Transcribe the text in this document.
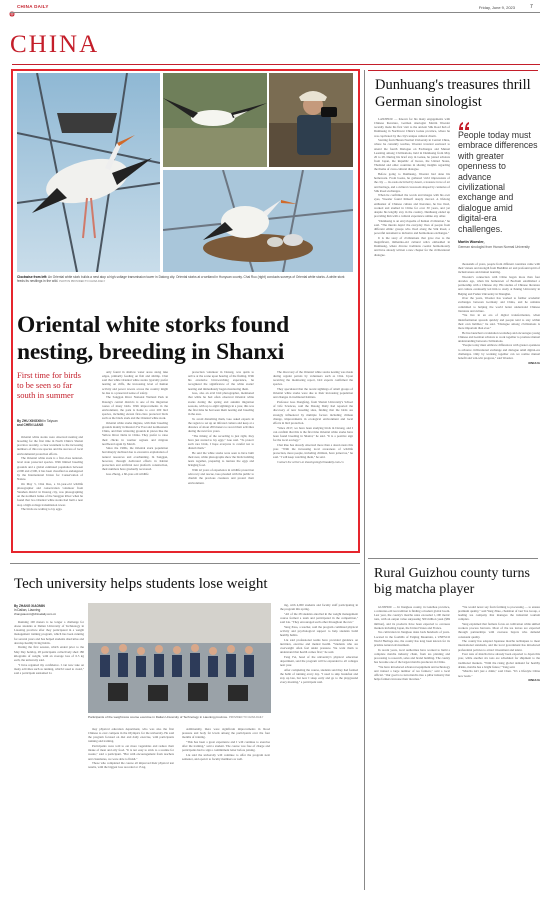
7
CHINA DAILY	Friday, June 9, 2023
CHINA
Clockwise from left: An Oriental white stork builds a nest atop a high-voltage transmission tower in Datong city. Oriental storks at a wetland in Hunyuan county. Chai Ruo (right) conducts surveys of Oriental white storks. A white stork feeds its nestlings in the wild. PHOTOS PROVIDED TO CHINA DAILY
Oriental white storks found nesting, breeding in Shanxi
First time for birds to be seen so far south in summer
By ZHU XINGXIN in Taiyuan
and CHEN LIANG

Oriental white storks were observed nesting and breeding for the first time in North China's Shanxi province recently, a clear testament to the increasing numbers of this rare species and the success of local environmental protection efforts.

The Oriental white stork is a first-class national-level state protected species. With limited breeding grounds and a global estimated population between 2,000 and 2,500, it has been classified as endangered by the International Union for Conservation of Nature.

On May 5, Chai Ruo, a 61-year-old wildlife photographer and conservation volunteer from Yanshen district in Datong city, was photographing on the northern banks of the Sanggan River when he found that two Oriental white storks had built a nest atop a high-voltage transmission tower.

The birds are waiting to lay eggs.

only found in shallow water areas along lake edges, primarily feeding on fish and shrimp. Chai said that while Oriental white storks typically prefer nesting on cliffs, the increasing level of human activity and power towers across the country might be due to a preserved sense of safety.

The Sanggan River National Wetland Park in Datong's central districts is one of the migration routes of many birds. With improvements in the environment, the park is home to over 200 bird species, including eleven first-class protected birds such as the black stork and the Oriental white stork.

Oriental white storks migrate, with their breeding grounds mainly in Russia's Far East and northeastern China, and their wintering grounds in places like the Yellow River Delta in China. They prefer to raise their chicks in warmer regions and migrate northward again by March.

Since the 1990s, the Oriental stork population had sharply declined due to excessive exploitation of natural resources and overhunting. In Sanggan, however, through dedicated efforts in habitat protection and artificial nest platform construction, their numbers have gradually recovered.

Guo Zhong, a 60-year-old wildlife

protection volunteer in Datong, was quick to arrive at the scene upon hearing of the finding. With his extensive bird-watching experience, he recognized the significance of the white storks' nesting and immediately began monitoring them.

Guo, also an avid bird photographer, mentioned that while he had often observed Oriental white storks during the spring and autumn migration seasons, with up to eight sightings in a year, this was the first time he had seen them nesting and breeding in the area.

To avoid disturbing them, Guo asked experts in the region to set up an infrared camera and keep at a distance of about 200 meters to record their activities during the next few years.

"The timing of the recording is just right, they have just started to lay eggs," Guo said. "To protect such rare birds, I hope everyone is careful not to disturb them."

He said the white storks were seen to have built their nest, while photographs show the birds building nests together, preparing to nurture the eggs and bringing food.

With 42 years of experience in wildlife protection advocacy and rescue, Guo pleaded with the public to cherish the precious creatures and protect their environment.

The discovery of the Oriental white storks nesting was made during regular patrols by volunteers such as Chai. Upon receiving the monitoring report, bird experts confirmed the species.

They speculated that the recent sightings of small groups of Oriental white storks were due to their increasing population and changes in traditional habitats.

Professor Guo Dongfeng, from Shanxi University's School of Life Sciences, said the Datong Daily had reported the discovery of new breeding sites, finding that the birds are strongly influenced by multiple factors including climate change, improvements in ecological environment and local efforts in bird protection.

"Since 2017, we have been studying birds in Datong, and I can confirm that this is the first time Oriental white storks have been found breeding in Shanxi," he said. "It is a positive sign for the local ecology."

Chai Ruo has already observed more than a dozen nests this year. "With the increasing local awareness of wildlife protection, more people, including children, have joined us," he said. "I will keep watching them," he said.

Contact the writers at zhuxingxin@chinadaily.com.cn

Tech university helps students lose weight
By ZHANG XIAOMIN
in Dalian, Liaoning
zhangxiaomin@chinadaily.com.cn

Running 100 meters is no longer a challenge for obese students at Dalian University of Technology in Liaoning province after they participated in a weight management training program, which has been running for several years and has helped students shed kilos and develop healthy living habits.

During the first session, which ended prior to the May Day holiday, 28 participants collectively shed 180 kilograms of weight, with an average loss of 6.5 kg each, the university said.

"I have regained my confidence. I can now take on many activities such as running, which I used to avoid," said a participant surnamed Li.

Participants of the weight-loss course exercise in Dalian University of Technology in Liaoning province. PROVIDED TO CHINA DAILY

may physical education department, who was also the first Chinese to ever compete in the Olympics for the university. He said the program focused on diet and daily exercise, with participants running and training.

Participants were told to eat more vegetables and reduce their intake of meat and oily food. "It is not easy to stick to a routine for weeks," said a participant. "But with encouragement from teachers and classmates, we were able to finish."

Those who completed the course all improved their physical test results, with the biggest loss recorded at 15 kg.

Additionally, there were significant improvements in blood pressure and body fat levels among the participants over the four months of training.

"This has been a great experience and I will continue to exercise after the training," said a student. The course was free of charge and participants had to sign a commitment letter before joining.

Liu said the university will continue to offer the program next semester, and open it to faculty members as well.

ing, with 4,000 students and faculty staff participating in the program this spring.

"All of the 28 students enrolled in the weight management course formed a team and participated in the competition," said Liu. "They encouraged each other throughout the run."

Yang Xiao, a teacher, said the program combined physical activity and psychological support to help students build healthy habits.

Liu said professional teams have provided guidance on nutrition, exercise and mental health. "Students who are overweight often feel under pressure. We want them to understand that health comes first," he said.

Feng Fei, head of the university's physical education department, said the program will be expanded to all colleges next year.

After completing the course, students said they had formed the habit of running every day. "I used to skip breakfast and stay up late, but now I sleep early and go to the playground every morning," a participant said.

Dunhuang's treasures thrill German sinologist

LANZHOU — Known for his many engagements with Chinese literature, German sinologist Martin Woesler recently made his first visit to the ancient Silk Road hub of Dunhuang in Northwest China's Gansu province, where he was captivated by the city's unique cultural charm.

Starting from Hunan Normal University in Central China, where he currently teaches, Woesler traveled eastward to attend the fourth Dialogue on Exchanges and Mutual Learning among Civilizations, held in Dunhuang from May 26 to 28. During his brief stay in Gansu, he joined scholars from Japan, the Republic of Korea, the United States, Thailand and other countries in sharing insights regarding the theme of cross-cultural dialogue.

Before going to Dunhuang, Woesler had done his homework. From books, he gathered vivid impressions of the city — its oasis encircled by desert, a treasure trove of art and heritage, and a cultural crossroads shaped by centuries of Silk Road exchanges.

When he confirmed the words and images with his own eyes, Woesler found himself deeply moved. A lifelong enthusiast of Chinese culture and literature, he has lived, worked and studied in China for over 30 years, and yet despite his lengthy stay in the country, Dunhuang ended up providing him with a cultural experience unlike any other.

"Dunhuang is an encyclopedia of human civilization," he said. "The murals depict the everyday lives of people from different ethnic groups who lived along the Silk Road, a powerful testament to inclusive and harmonious exchanges."

It is the story of civilizations that gave rise to the magnificent, millennia-old cultural relics embedded in Dunhuang, where diverse traditions coexist harmoniously and have already written a new chapter for the civilizational dialogue.

People today must embrace differences with greater openness to advance civilizational exchange and dialogue amid digital-era challenges.
Martin Woesler,
German sinologist from Hunan Normal University

thousands of years, people from different countries came with their visions and strength from Buddhist art and profound spirit of inclusiveness and mutual learning.

Woesler's connection with China began more than four decades ago, when his hometown of Bochum established a partnership with a Chinese city. His studies of Chinese literature and culture eventually led him to study at Peking University in Beijing and Fudan University in Shanghai.

Over the years, Woesler has worked to further academic exchanges between Germany and China, and he remains committed to helping the world better understand Chinese literature and culture.

"We live in an era of digital transformation, when misinformation spreads quickly and people tend to stay within their own bubbles," he said. "Dialogue among civilizations is more important than ever."

He has launched a translation workshop and encourages young Chinese and German scholars to work together to promote mutual understanding between civilizations.

"People today must embrace differences with greater openness to advance civilizational exchange and dialogue amid digital-era challenges. Only by working together can we realize mutual benefit and win-win progress," said Woesler.

XINHUA

Rural Guizhou county turns big matcha player

GUIZHOU — In Jiangkou county, in Guizhou province, a centuries-old tea tradition is finding a modern global boom. Last year, the county's matcha sales exceeded 1,100 metric tons, with an output value surpassing 500 million yuan ($69 million), and its products have been exported to overseas markets including Japan, the United States and France.

Tea cultivation in Jiangkou dates back hundreds of years. Located in the foothills of Fanjing Mountain, a UNESCO World Heritage site, the county has long been known for its pristine natural environment.

In recent years, local authorities have worked to build a complete matcha industry chain, from tea planting and processing to research, sales and brand building. The county has become one of the largest matcha producers in China.

"We have introduced advanced equipment and technology and trained a large number of tea farmers," said a local official. "Our goal is to turn matcha into a pillar industry that helps farmers increase their incomes."

"We would never say from farming to processing — to ensure premium quality," said Yang Zhuo, chairman of Gui Tea Group, a leading tea company that manages the industrial tourism complex.

Yang explained that farmers focus on cultivation while skilled workers process harvests. Most of the tea leaves are exported through partnerships with overseas buyers who demand consistent quality.

The county has adopted Japanese matcha techniques to meet international standards, and the local government has introduced preferential policies to attract investment and talent.

Four tons of matcha have already been exported to Japan this year, while another six tons are scheduled for shipment to the traditional markets. "With the rising global demand for healthy drinks, matcha has a bright future," Yang said.

"Matcha isn't just a drink," said Chen. "It's a lifestyle China now leads."

XINHUA
